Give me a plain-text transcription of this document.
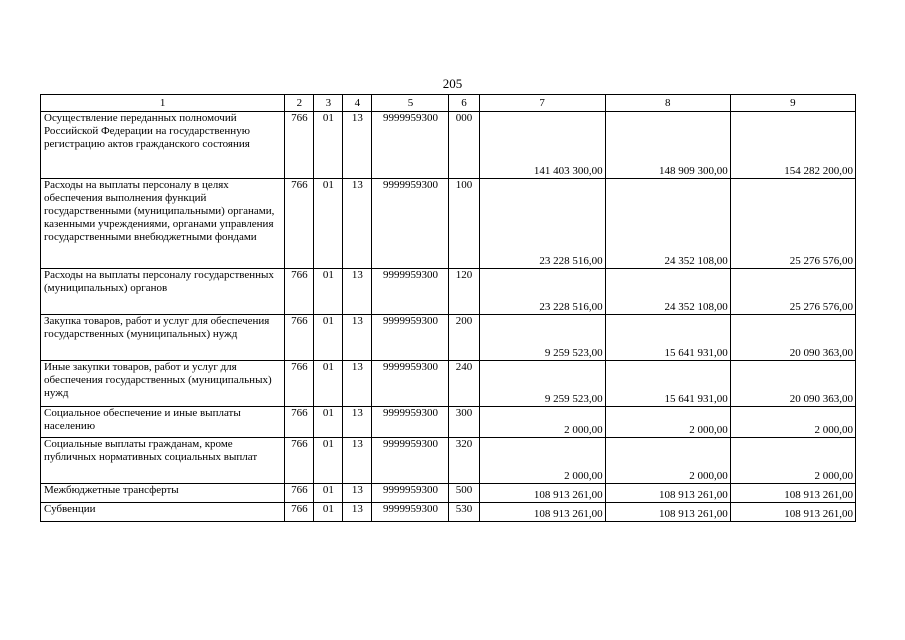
205
1	2	3	4	5	6	7	8	9
Осуществление переданных полномочий Российской Федерации на государственную регистрацию актов гражданского состояния	766	01	13	9999959300	000	141 403 300,00	148 909 300,00	154 282 200,00
Расходы на выплаты персоналу в целях обеспечения выполнения функций государственными (муниципальными) органами, казенными учреждениями, органами управления государственными внебюджетными фондами	766	01	13	9999959300	100	23 228 516,00	24 352 108,00	25 276 576,00
Расходы на выплаты персоналу государственных (муниципальных) органов	766	01	13	9999959300	120	23 228 516,00	24 352 108,00	25 276 576,00
Закупка товаров, работ и услуг для обеспечения государственных (муниципальных) нужд	766	01	13	9999959300	200	9 259 523,00	15 641 931,00	20 090 363,00
Иные закупки товаров, работ и услуг для обеспечения государственных (муниципальных) нужд	766	01	13	9999959300	240	9 259 523,00	15 641 931,00	20 090 363,00
Социальное обеспечение и иные выплаты населению	766	01	13	9999959300	300	2 000,00	2 000,00	2 000,00
Социальные выплаты гражданам, кроме публичных нормативных социальных выплат	766	01	13	9999959300	320	2 000,00	2 000,00	2 000,00
Межбюджетные трансферты	766	01	13	9999959300	500	108 913 261,00	108 913 261,00	108 913 261,00
Субвенции	766	01	13	9999959300	530	108 913 261,00	108 913 261,00	108 913 261,00
